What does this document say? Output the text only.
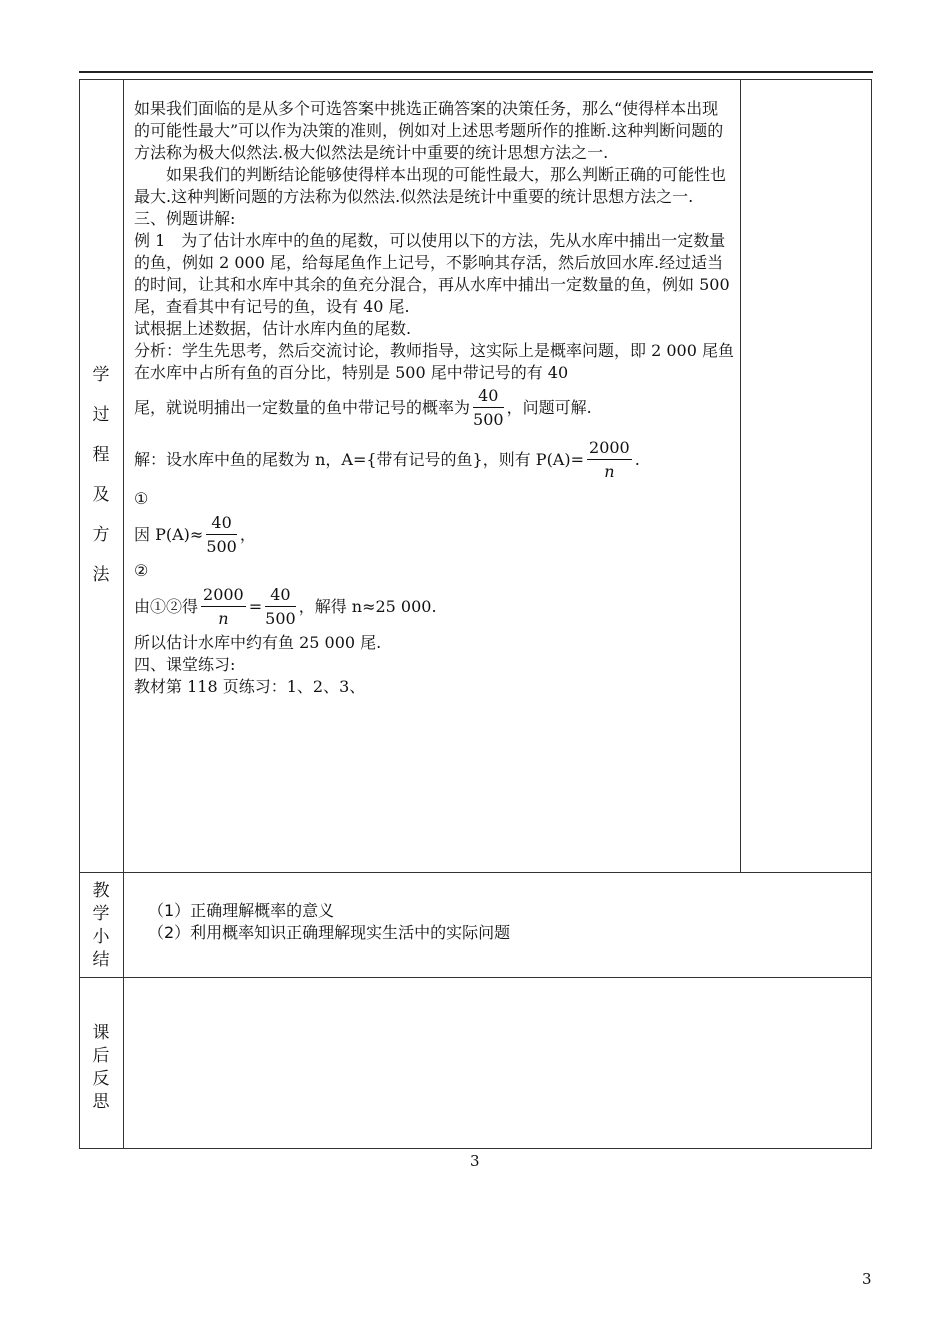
学
过
程
及
方
法
教
学
小
结
课
后
反
思

如果我们面临的是从多个可选答案中挑选正确答案的决策任务，那么“使得样本出现的可能性最大”可以作为决策的准则，例如对上述思考题所作的推断.这种判断问题的方法称为极大似然法.极大似然法是统计中重要的统计思想方法之一.

如果我们的判断结论能够使得样本出现的可能性最大，那么判断正确的可能性也最大.这种判断问题的方法称为似然法.似然法是统计中重要的统计思想方法之一.

三、例题讲解:

例 1　为了估计水库中的鱼的尾数，可以使用以下的方法，先从水库中捕出一定数量的鱼，例如 2 000 尾，给每尾鱼作上记号，不影响其存活，然后放回水库.经过适当的时间，让其和水库中其余的鱼充分混合，再从水库中捕出一定数量的鱼，例如 500 尾，查看其中有记号的鱼，设有 40 尾.

试根据上述数据，估计水库内鱼的尾数.

分析：学生先思考，然后交流讨论，教师指导，这实际上是概率问题，即 2 000 尾鱼在水库中占所有鱼的百分比，特别是 500 尾中带记号的有 40

尾，就说明捕出一定数量的鱼中带记号的概率为 $\frac{40}{500}$ ，问题可解.
解：设水库中鱼的尾数为 n，A={带有记号的鱼}，则有 $P(A)= \frac{2000}{n}$ .

①

因 $P(A)\approx \frac{40}{500}$ ，

②

由①②得 $\frac{2000}{n} = \frac{40}{500}$ ，解得 n≈25 000.

所以估计水库中约有鱼 25 000 尾.

四、课堂练习:

教材第 118 页练习：1、2、3、

（1）正确理解概率的意义

（2）利用概率知识正确理解现实生活中的实际问题

3
3
